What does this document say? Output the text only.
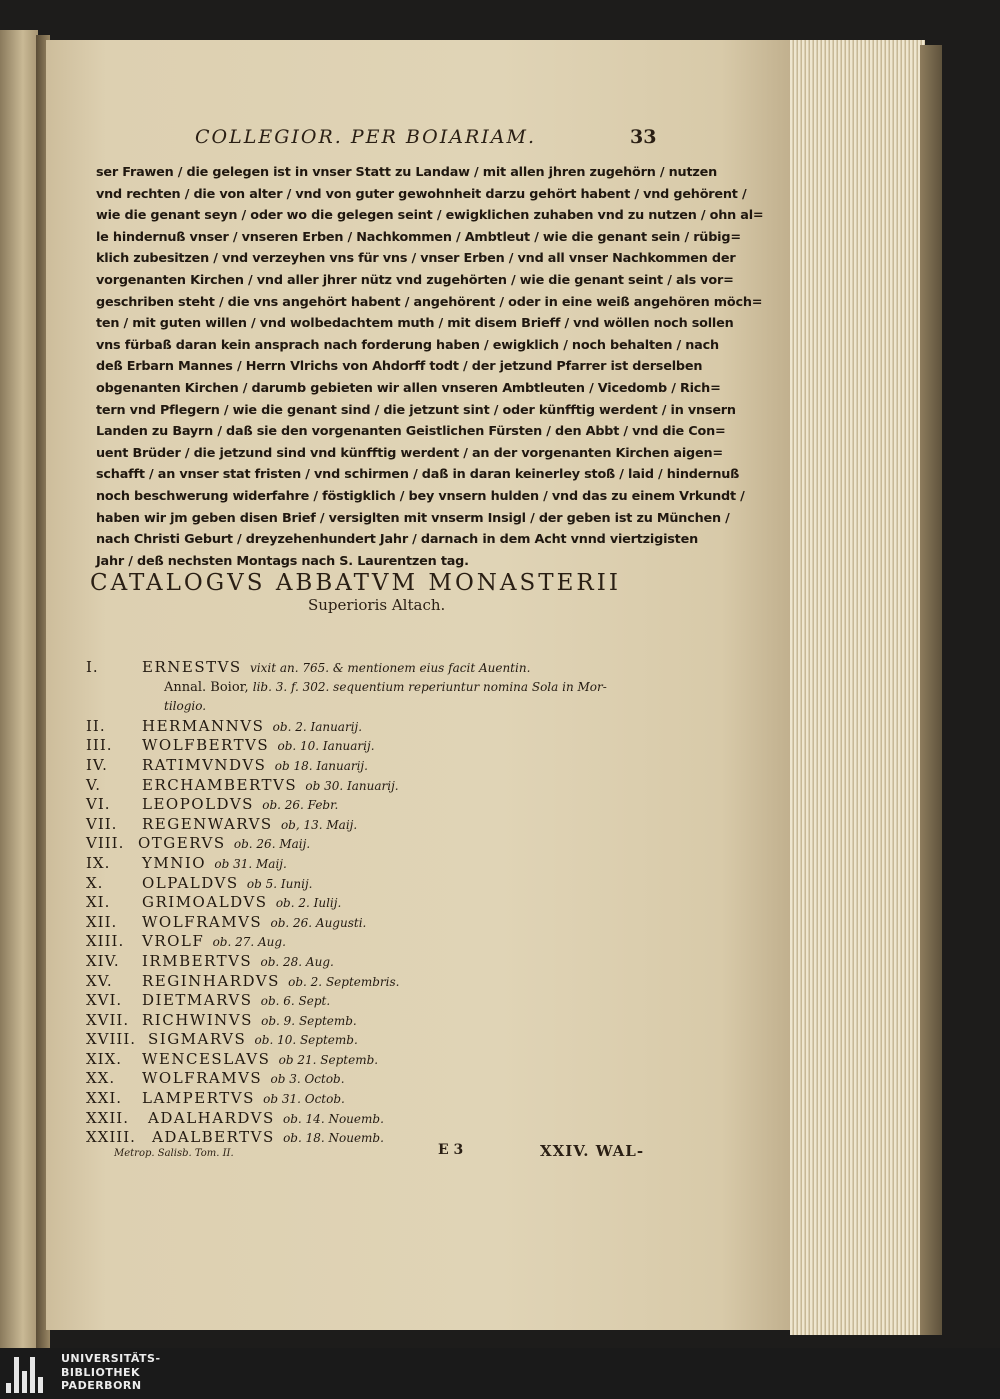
COLLEGIOR. PER BOIARIAM.	33
ser Frawen / die gelegen ist in vnser Statt zu Landaw / mit allen jhren zugehörn / nutzen
vnd rechten / die von alter / vnd von guter gewohnheit darzu gehört habent / vnd gehörent /
wie die genant seyn / oder wo die gelegen seint / ewigklichen zuhaben vnd zu nutzen / ohn al=
le hindernuß vnser / vnseren Erben / Nachkommen / Ambtleut / wie die genant sein / rübig=
klich zubesitzen / vnd verzeyhen vns für vns / vnser Erben / vnd all vnser Nachkommen der
vorgenanten Kirchen / vnd aller jhrer nütz vnd zugehörten / wie die genant seint / als vor=
geschriben steht / die vns angehört habent / angehörent / oder in eine weiß angehören möch=
ten / mit guten willen / vnd wolbedachtem muth / mit disem Brieff / vnd wöllen noch sollen
vns fürbaß daran kein ansprach nach forderung haben / ewigklich / noch behalten / nach
deß Erbarn Mannes / Herrn Vlrichs von Ahdorff todt / der jetzund Pfarrer ist derselben
obgenanten Kirchen / darumb gebieten wir allen vnseren Ambtleuten / Vicedomb / Rich=
tern vnd Pflegern / wie die genant sind / die jetzunt sint / oder künfftig werdent / in vnsern
Landen zu Bayrn / daß sie den vorgenanten Geistlichen Fürsten / den Abbt / vnd die Con=
uent Brüder / die jetzund sind vnd künfftig werdent / an der vorgenanten Kirchen aigen=
schafft / an vnser stat fristen / vnd schirmen / daß in daran keinerley stoß / laid / hindernuß
noch beschwerung widerfahre / föstigklich / bey vnsern hulden / vnd das zu einem Vrkundt /
haben wir jm geben disen Brief / versiglten mit vnserm Insigl / der geben ist zu München /
nach Christi Geburt / dreyzehenhundert Jahr / darnach in dem Acht vnnd viertzigisten
Jahr / deß nechsten Montags nach S. Laurentzen tag.
CATALOGVS ABBATVM MONASTERII
Superioris Altach.
I.	ERNESTVS vixit an. 765. & mentionem eius facit Auentin.
Annal. Boior, lib. 3. f. 302. sequentium reperiuntur nomina Sola in Mor-
tilogio.
II. HERMANNVS ob. 2. Ianuarij.
III. WOLFBERTVS ob. 10. Ianuarij.
IV. RATIMVNDVS ob 18. Ianuarij.
V.	ERCHAMBERTVS ob 30. Ianuarij.
VI. LEOPOLDVS ob. 26. Febr.
VII. REGENWARVS ob, 13. Maij.
VIII. OTGERVS ob. 26. Maij.
IX. YMNIO ob 31. Maij.
X.	OLPALDVS ob 5. Iunij.
XI. GRIMOALDVS ob. 2. Iulij.
XII. WOLFRAMVS ob. 26. Augusti.
XIII. VROLF ob. 27. Aug.
XIV. IRMBERTVS ob. 28. Aug.
XV. REGINHARDVS ob. 2. Septembris.
XVI. DIETMARVS ob. 6. Sept.
XVII. RICHWINVS ob. 9. Septemb.
XVIII. SIGMARVS ob. 10. Septemb.
XIX. WENCESLAVS ob 21. Septemb.
XX. WOLFRAMVS ob 3. Octob.
XXI. LAMPERTVS ob 31. Octob.
XXII. ADALHARDVS ob. 14. Nouemb.
XXIII. ADALBERTVS ob. 18. Nouemb.
Metrop. Salisb. Tom. II.	E 3	XXIV. WAL-
UNIVERSITÄTS-
BIBLIOTHEK
PADERBORN
